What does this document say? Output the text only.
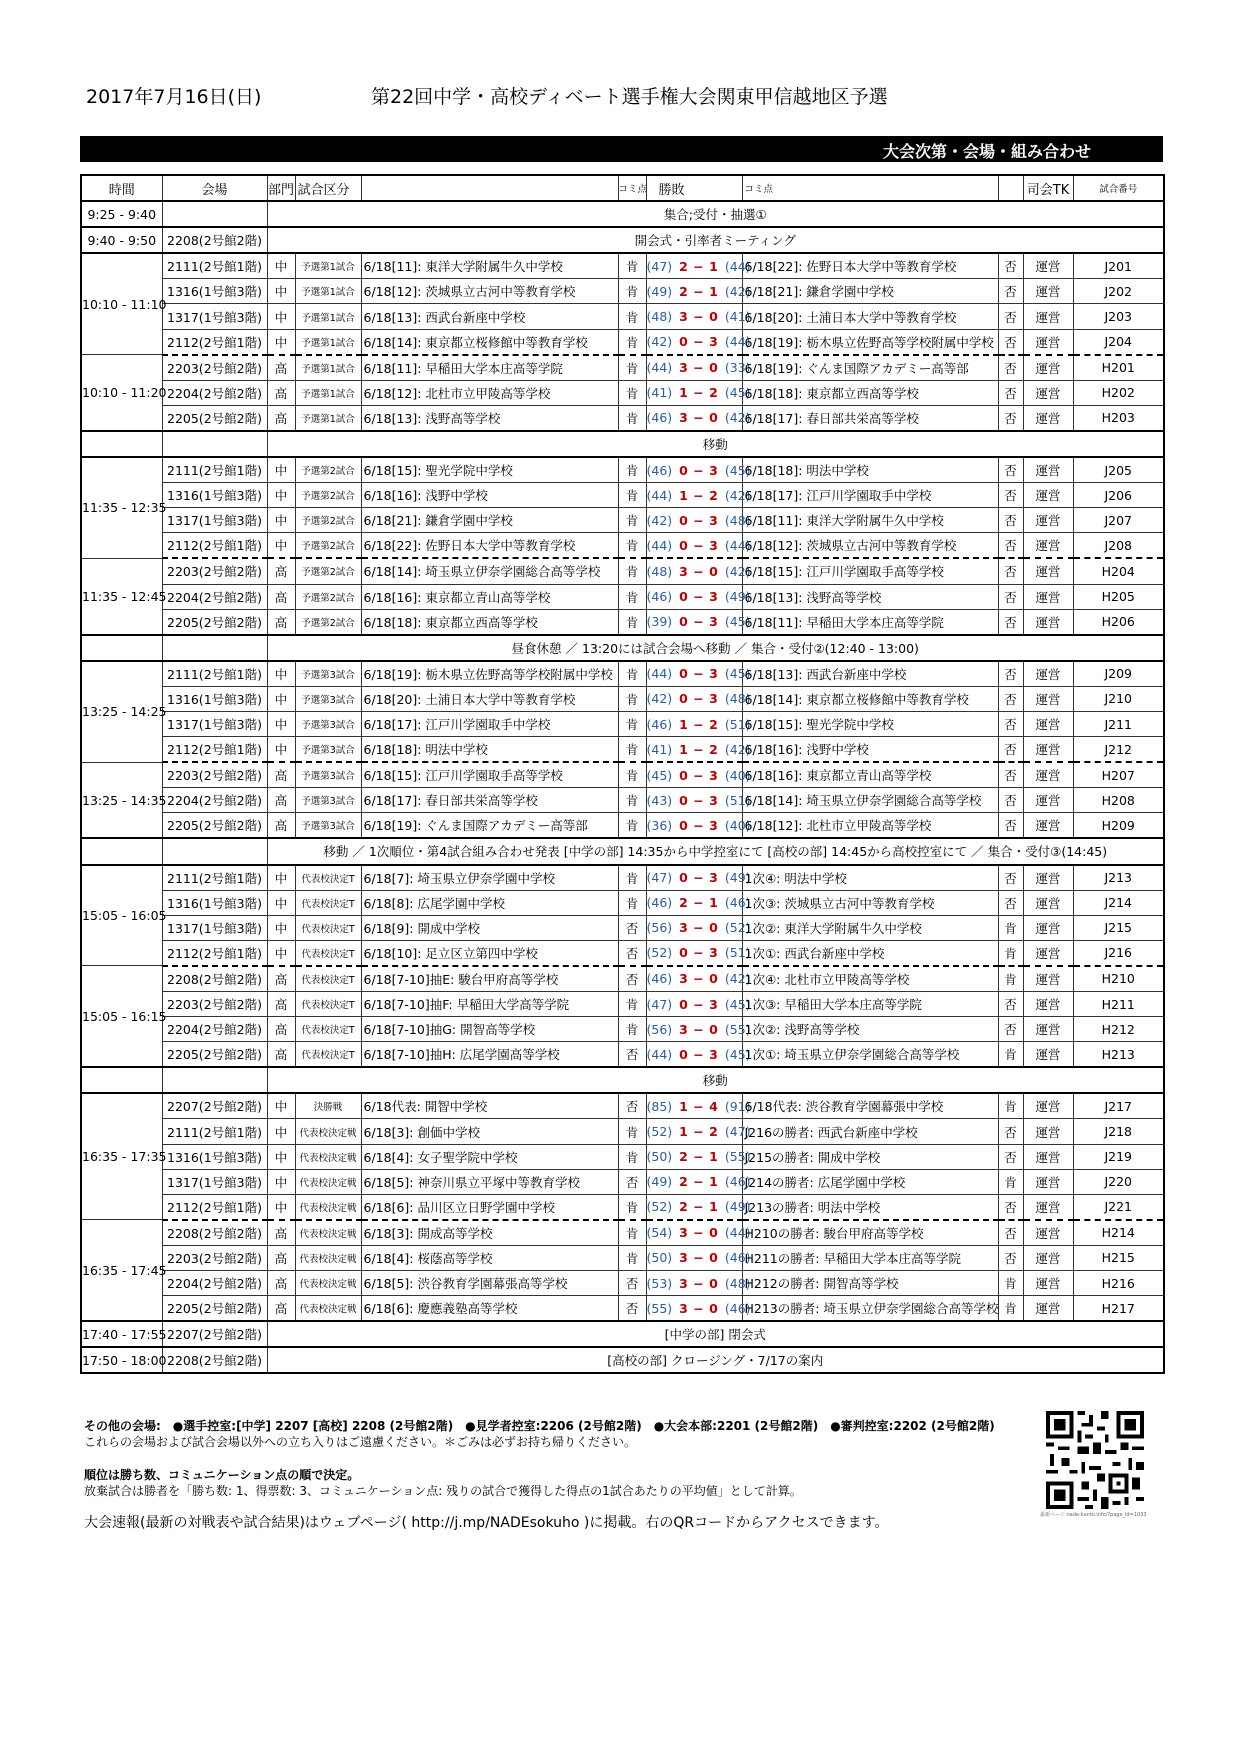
2017年7月16日(日)	第22回中学・高校ディベート選手権大会関東甲信越地区予選
大会次第・会場・組み合わせ
時間	会場	部門	試合区分		コミ点	勝敗	コミ点		司会TK	試合番号
9:25 - 9:40		集合;受付・抽選①								
9:40 - 9:50	2208(2号館2階)	開会式・引率者ミーティング								
10:10 - 11:10	2111(2号館1階)	中	予選第1試合	6/18[11]: 東洋大学附属牛久中学校	肯	(47) 2 − 1 (44)	6/18[22]: 佐野日本大学中等教育学校	否	運営	J201
	1316(1号館3階)	中	予選第1試合	6/18[12]: 茨城県立古河中等教育学校	肯	(49) 2 − 1 (42)	6/18[21]: 鎌倉学園中学校	否	運営	J202
	1317(1号館3階)	中	予選第1試合	6/18[13]: 西武台新座中学校	肯	(48) 3 − 0 (41)	6/18[20]: 土浦日本大学中等教育学校	否	運営	J203
	2112(2号館1階)	中	予選第1試合	6/18[14]: 東京都立桜修館中等教育学校	肯	(42) 0 − 3 (44)	6/18[19]: 栃木県立佐野高等学校附属中学校	否	運営	J204
10:10 - 11:20	2203(2号館2階)	高	予選第1試合	6/18[11]: 早稲田大学本庄高等学院	肯	(44) 3 − 0 (33)	6/18[19]: ぐんま国際アカデミー高等部	否	運営	H201
	2204(2号館2階)	高	予選第1試合	6/18[12]: 北杜市立甲陵高等学校	肯	(41) 1 − 2 (45)	6/18[18]: 東京都立西高等学校	否	運営	H202
	2205(2号館2階)	高	予選第1試合	6/18[13]: 浅野高等学校	肯	(46) 3 − 0 (42)	6/18[17]: 春日部共栄高等学校	否	運営	H203
		移動								
11:35 - 12:35	2111(2号館1階)	中	予選第2試合	6/18[15]: 聖光学院中学校	肯	(46) 0 − 3 (45)	6/18[18]: 明法中学校	否	運営	J205
	1316(1号館3階)	中	予選第2試合	6/18[16]: 浅野中学校	肯	(44) 1 − 2 (42)	6/18[17]: 江戸川学園取手中学校	否	運営	J206
	1317(1号館3階)	中	予選第2試合	6/18[21]: 鎌倉学園中学校	肯	(42) 0 − 3 (48)	6/18[11]: 東洋大学附属牛久中学校	否	運営	J207
	2112(2号館1階)	中	予選第2試合	6/18[22]: 佐野日本大学中等教育学校	肯	(44) 0 − 3 (44)	6/18[12]: 茨城県立古河中等教育学校	否	運営	J208
11:35 - 12:45	2203(2号館2階)	高	予選第2試合	6/18[14]: 埼玉県立伊奈学園総合高等学校	肯	(48) 3 − 0 (42)	6/18[15]: 江戸川学園取手高等学校	否	運営	H204
	2204(2号館2階)	高	予選第2試合	6/18[16]: 東京都立青山高等学校	肯	(46) 0 − 3 (49)	6/18[13]: 浅野高等学校	否	運営	H205
	2205(2号館2階)	高	予選第2試合	6/18[18]: 東京都立西高等学校	肯	(39) 0 − 3 (45)	6/18[11]: 早稲田大学本庄高等学院	否	運営	H206
		昼食休憩 ／ 13:20には試合会場へ移動 ／ 集合・受付②(12:40 - 13:00)								
13:25 - 14:25	2111(2号館1階)	中	予選第3試合	6/18[19]: 栃木県立佐野高等学校附属中学校	肯	(44) 0 − 3 (45)	6/18[13]: 西武台新座中学校	否	運営	J209
	1316(1号館3階)	中	予選第3試合	6/18[20]: 土浦日本大学中等教育学校	肯	(42) 0 − 3 (48)	6/18[14]: 東京都立桜修館中等教育学校	否	運営	J210
	1317(1号館3階)	中	予選第3試合	6/18[17]: 江戸川学園取手中学校	肯	(46) 1 − 2 (51)	6/18[15]: 聖光学院中学校	否	運営	J211
	2112(2号館1階)	中	予選第3試合	6/18[18]: 明法中学校	肯	(41) 1 − 2 (42)	6/18[16]: 浅野中学校	否	運営	J212
13:25 - 14:35	2203(2号館2階)	高	予選第3試合	6/18[15]: 江戸川学園取手高等学校	肯	(45) 0 − 3 (40)	6/18[16]: 東京都立青山高等学校	否	運営	H207
	2204(2号館2階)	高	予選第3試合	6/18[17]: 春日部共栄高等学校	肯	(43) 0 − 3 (51)	6/18[14]: 埼玉県立伊奈学園総合高等学校	否	運営	H208
	2205(2号館2階)	高	予選第3試合	6/18[19]: ぐんま国際アカデミー高等部	肯	(36) 0 − 3 (40)	6/18[12]: 北杜市立甲陵高等学校	否	運営	H209
		移動 ／ 1次順位・第4試合組み合わせ発表 [中学の部] 14:35から中学控室にて [高校の部] 14:45から高校控室にて ／ 集合・受付③(14:45)								
15:05 - 16:05	2111(2号館1階)	中	代表校決定T	6/18[7]: 埼玉県立伊奈学園中学校	肯	(47) 0 − 3 (49)	1次④: 明法中学校	否	運営	J213
	1316(1号館3階)	中	代表校決定T	6/18[8]: 広尾学園中学校	肯	(46) 2 − 1 (46)	1次③: 茨城県立古河中等教育学校	否	運営	J214
	1317(1号館3階)	中	代表校決定T	6/18[9]: 開成中学校	否	(56) 3 − 0 (52)	1次②: 東洋大学附属牛久中学校	肯	運営	J215
	2112(2号館1階)	中	代表校決定T	6/18[10]: 足立区立第四中学校	否	(52) 0 − 3 (51)	1次①: 西武台新座中学校	肯	運営	J216
15:05 - 16:15	2208(2号館2階)	高	代表校決定T	6/18[7-10]抽E: 駿台甲府高等学校	否	(46) 3 − 0 (42)	1次④: 北杜市立甲陵高等学校	肯	運営	H210
	2203(2号館2階)	高	代表校決定T	6/18[7-10]抽F: 早稲田大学高等学院	肯	(47) 0 − 3 (45)	1次③: 早稲田大学本庄高等学院	否	運営	H211
	2204(2号館2階)	高	代表校決定T	6/18[7-10]抽G: 開智高等学校	肯	(56) 3 − 0 (55)	1次②: 浅野高等学校	否	運営	H212
	2205(2号館2階)	高	代表校決定T	6/18[7-10]抽H: 広尾学園高等学校	否	(44) 0 − 3 (45)	1次①: 埼玉県立伊奈学園総合高等学校	肯	運営	H213
		移動								
16:35 - 17:35	2207(2号館2階)	中	決勝戦	6/18代表: 開智中学校	否	(85) 1 − 4 (91)	6/18代表: 渋谷教育学園幕張中学校	肯	運営	J217
	2111(2号館1階)	中	代表校決定戦	6/18[3]: 創価中学校	肯	(52) 1 − 2 (47)	J216の勝者: 西武台新座中学校	否	運営	J218
	1316(1号館3階)	中	代表校決定戦	6/18[4]: 女子聖学院中学校	肯	(50) 2 − 1 (55)	J215の勝者: 開成中学校	否	運営	J219
	1317(1号館3階)	中	代表校決定戦	6/18[5]: 神奈川県立平塚中等教育学校	否	(49) 2 − 1 (46)	J214の勝者: 広尾学園中学校	肯	運営	J220
	2112(2号館1階)	中	代表校決定戦	6/18[6]: 品川区立日野学園中学校	肯	(52) 2 − 1 (49)	J213の勝者: 明法中学校	否	運営	J221
16:35 - 17:45	2208(2号館2階)	高	代表校決定戦	6/18[3]: 開成高等学校	肯	(54) 3 − 0 (44)	H210の勝者: 駿台甲府高等学校	否	運営	H214
	2203(2号館2階)	高	代表校決定戦	6/18[4]: 桜蔭高等学校	肯	(50) 3 − 0 (46)	H211の勝者: 早稲田大学本庄高等学院	否	運営	H215
	2204(2号館2階)	高	代表校決定戦	6/18[5]: 渋谷教育学園幕張高等学校	否	(53) 3 − 0 (48)	H212の勝者: 開智高等学校	肯	運営	H216
	2205(2号館2階)	高	代表校決定戦	6/18[6]: 慶應義塾高等学校	否	(55) 3 − 0 (46)	H213の勝者: 埼玉県立伊奈学園総合高等学校	肯	運営	H217
17:40 - 17:55	2207(2号館2階)	[中学の部] 閉会式								
17:50 - 18:00	2208(2号館2階)	[高校の部] クロージング・7/17の案内								
その他の会場:　●選手控室:[中学] 2207 [高校] 2208 (2号館2階)　●見学者控室:2206 (2号館2階)　●大会本部:2201 (2号館2階)　●審判控室:2202 (2号館2階)
これらの会場および試合会場以外への立ち入りはご遠慮ください。＊ごみは必ずお持ち帰りください。
順位は勝ち数、コミュニケーション点の順で決定。
放棄試合は勝者を「勝ち数: 1、得票数: 3、コミュニケーション点: 残りの試合で獲得した得点の1試合あたりの平均値」として計算。
大会速報(最新の対戦表や試合結果)はウェブページ( http://j.mp/NADEsokuho )に掲載。右のQRコードからアクセスできます。	最新ページ nade-kanto.info/?page_id=1033
